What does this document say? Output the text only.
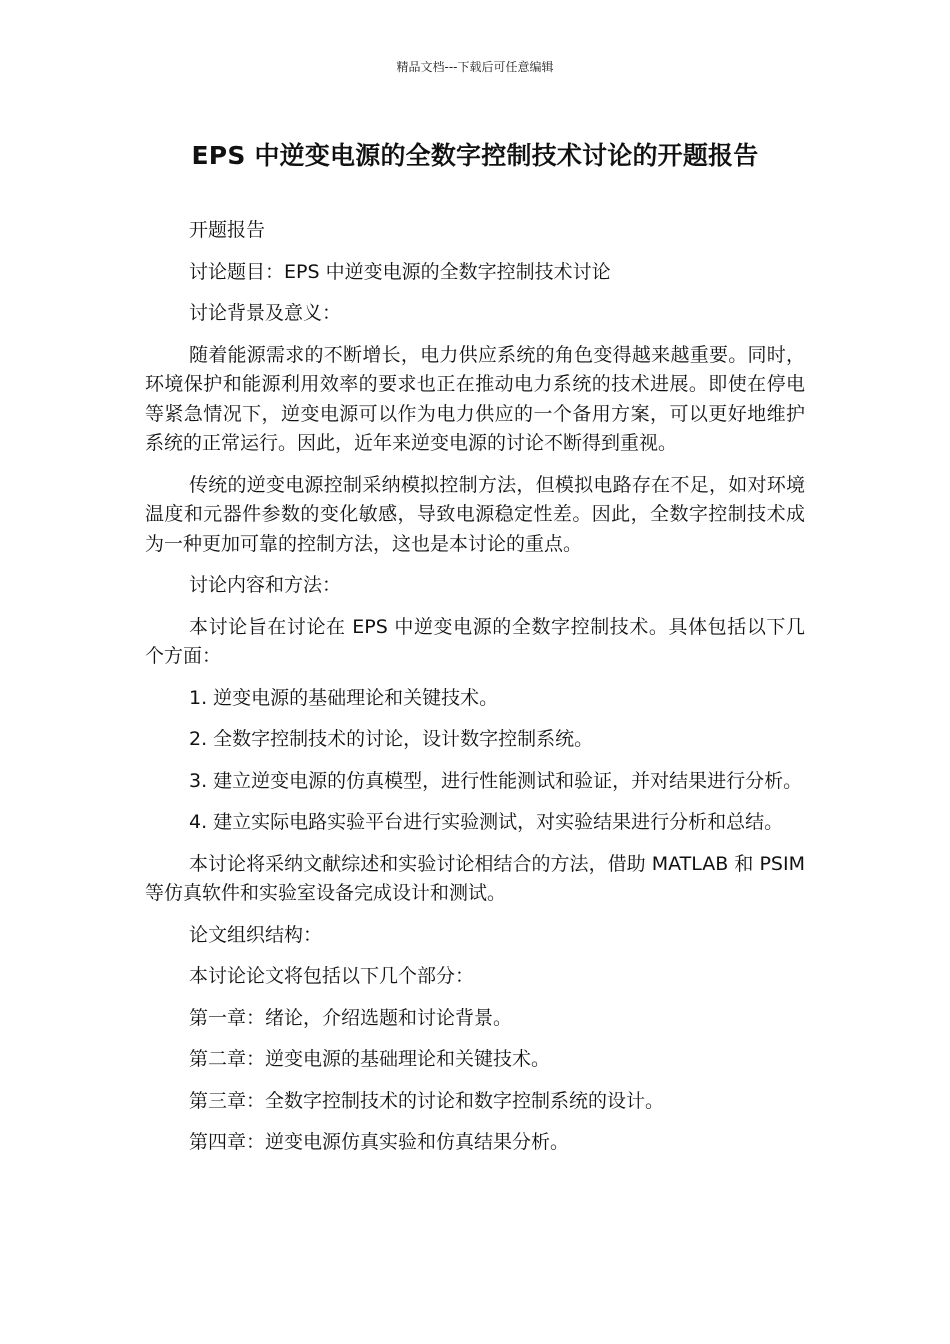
精品文档---下载后可任意编辑
EPS 中逆变电源的全数字控制技术讨论的开题报告

开题报告

讨论题目：EPS 中逆变电源的全数字控制技术讨论

讨论背景及意义：

随着能源需求的不断增长，电力供应系统的角色变得越来越重要。同时，环境保护和能源利用效率的要求也正在推动电力系统的技术进展。即使在停电等紧急情况下，逆变电源可以作为电力供应的一个备用方案，可以更好地维护系统的正常运行。因此，近年来逆变电源的讨论不断得到重视。

传统的逆变电源控制采纳模拟控制方法，但模拟电路存在不足，如对环境温度和元器件参数的变化敏感，导致电源稳定性差。因此，全数字控制技术成为一种更加可靠的控制方法，这也是本讨论的重点。

讨论内容和方法：

本讨论旨在讨论在 EPS 中逆变电源的全数字控制技术。具体包括以下几个方面：

1. 逆变电源的基础理论和关键技术。

2. 全数字控制技术的讨论，设计数字控制系统。

3. 建立逆变电源的仿真模型，进行性能测试和验证，并对结果进行分析。

4. 建立实际电路实验平台进行实验测试，对实验结果进行分析和总结。

本讨论将采纳文献综述和实验讨论相结合的方法，借助 MATLAB 和 PSIM 等仿真软件和实验室设备完成设计和测试。

论文组织结构：

本讨论论文将包括以下几个部分：

第一章：绪论，介绍选题和讨论背景。

第二章：逆变电源的基础理论和关键技术。

第三章：全数字控制技术的讨论和数字控制系统的设计。

第四章：逆变电源仿真实验和仿真结果分析。
